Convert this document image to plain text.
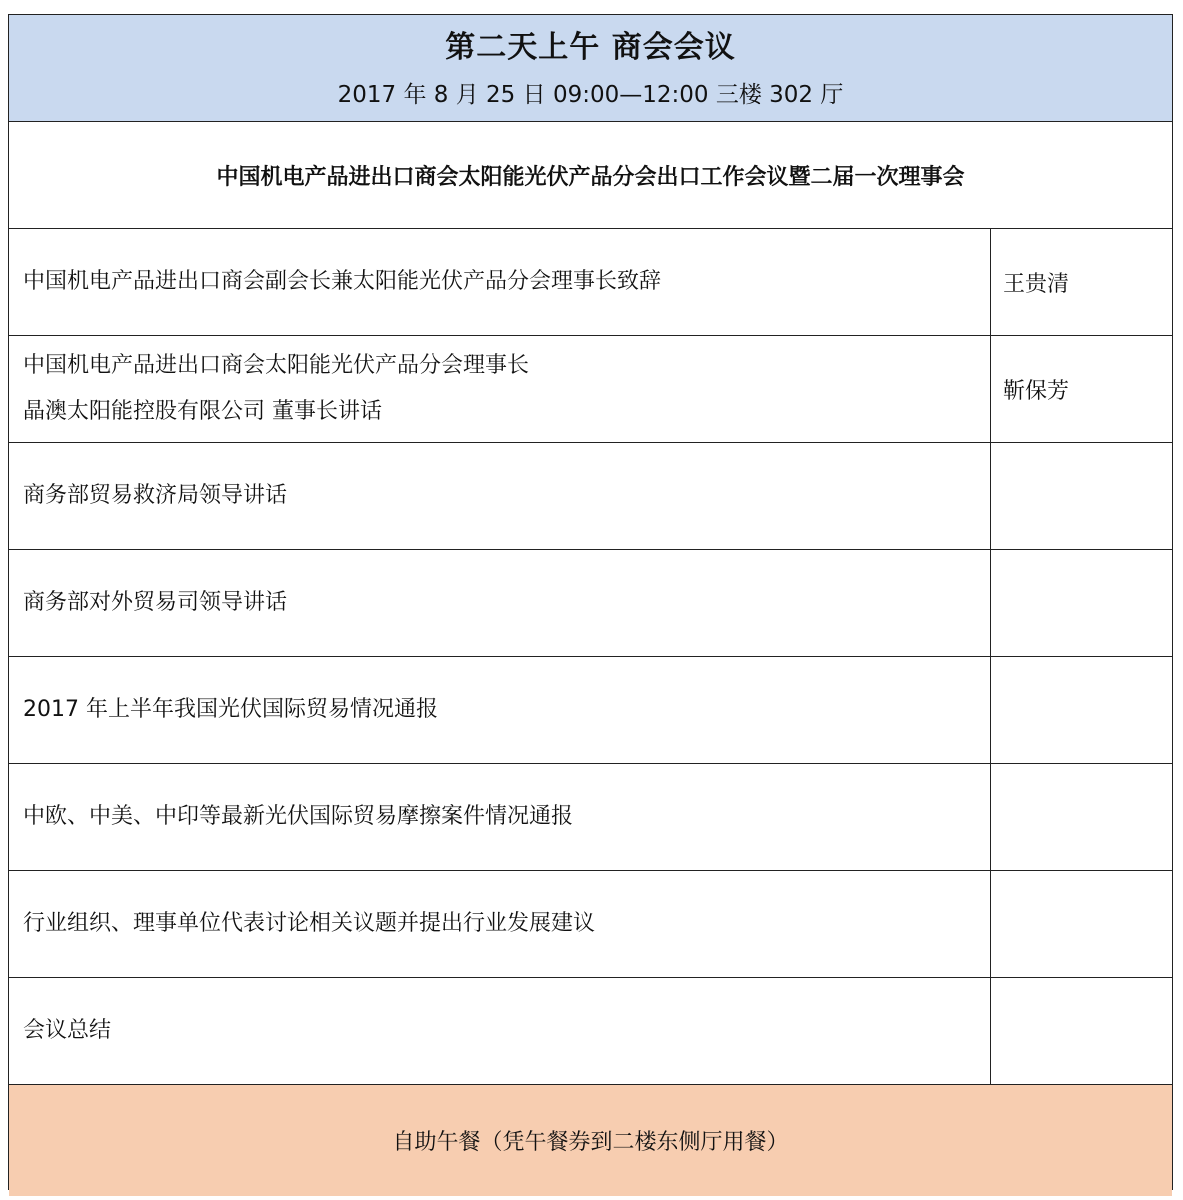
第二天上午 商会会议
2017 年 8 月 25 日 09:00—12:00 三楼 302 厅
中国机电产品进出口商会太阳能光伏产品分会出口工作会议暨二届一次理事会
中国机电产品进出口商会副会长兼太阳能光伏产品分会理事长致辞	王贵清
中国机电产品进出口商会太阳能光伏产品分会理事长
晶澳太阳能控股有限公司 董事长讲话
靳保芳
商务部贸易救济局领导讲话
商务部对外贸易司领导讲话
2017 年上半年我国光伏国际贸易情况通报
中欧、中美、中印等最新光伏国际贸易摩擦案件情况通报
行业组织、理事单位代表讨论相关议题并提出行业发展建议
会议总结
自助午餐（凭午餐券到二楼东侧厅用餐）
